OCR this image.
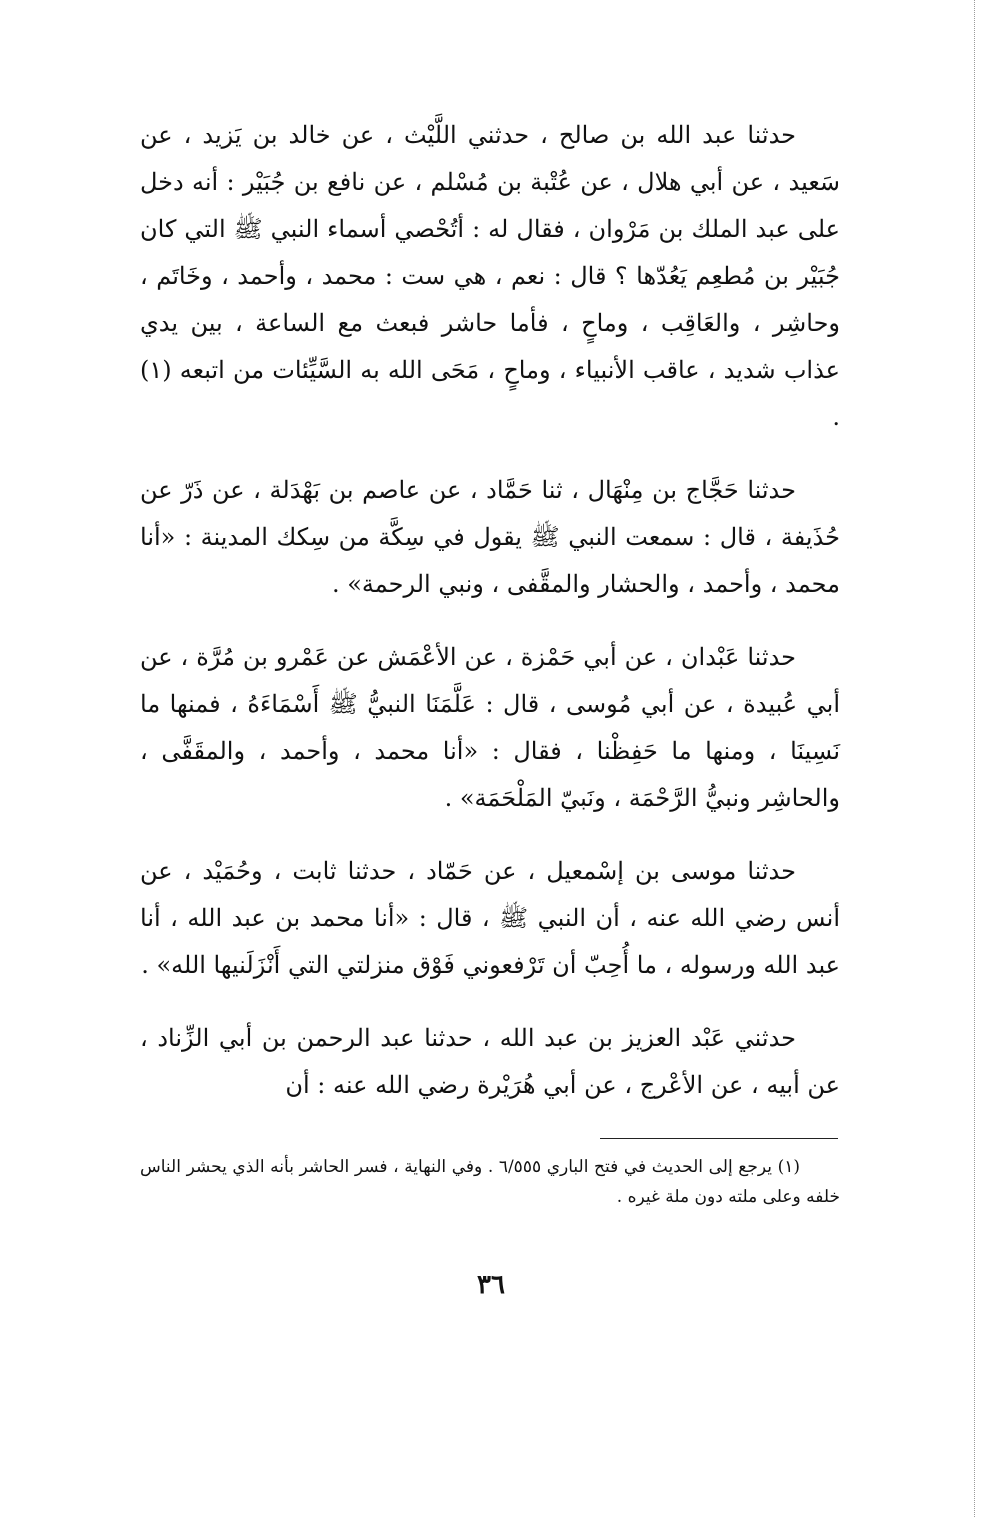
حدثنا عبد الله بن صالح ، حدثني اللَّيْث ، عن خالد بن يَزيد ، عن سَعيد ، عن أبي هلال ، عن عُتْبة بن مُسْلم ، عن نافع بن جُبَيْر : أنه دخل على عبد الملك بن مَرْوان ، فقال له : أتُحْصي أسماء النبي ﷺ التي كان جُبَيْر بن مُطعِم يَعُدّها ؟ قال : نعم ، هي ست : محمد ، وأحمد ، وخَاتَم ، وحاشِر ، والعَاقِب ، وماحٍ ، فأما حاشر فبعث مع الساعة ، بين يدي عذاب شديد ، عاقب الأنبياء ، وماحٍ ، مَحَى الله به السَّيِّئات من اتبعه (١) .

حدثنا حَجَّاج بن مِنْهَال ، ثنا حَمَّاد ، عن عاصم بن بَهْدَلة ، عن ذَرّ عن حُذَيفة ، قال : سمعت النبي ﷺ يقول في سِكَّة من سِكك المدينة : «أنا محمد ، وأحمد ، والحشار والمقَّفى ، ونبي الرحمة» .

حدثنا عَبْدان ، عن أبي حَمْزة ، عن الأعْمَش عن عَمْرو بن مُرَّة ، عن أبي عُبيدة ، عن أبي مُوسى ، قال : عَلَّمَنَا النبيُّ ﷺ أَسْمَاءَهُ ، فمنها ما نَسِينَا ، ومنها ما حَفِظْنا ، فقال : «أنا محمد ، وأحمد ، والمقَفَّى ، والحاشِر ونبيُّ الرَّحْمَة ، ونَبيّ المَلْحَمَة» .

حدثنا موسى بن إسْمعيل ، عن حَمّاد ، حدثنا ثابت ، وحُمَيْد ، عن أنس رضي الله عنه ، أن النبي ﷺ ، قال : «أنا محمد بن عبد الله ، أنا عبد الله ورسوله ، ما أُحِبّ أن تَرْفعوني فَوْق منزلتي التي أَنْزَلَنيها الله» .

حدثني عَبْد العزيز بن عبد الله ، حدثنا عبد الرحمن بن أبي الزِّناد ، عن أبيه ، عن الأعْرج ، عن أبي هُرَيْرة رضي الله عنه : أن

(١) يرجع إلى الحديث في فتح الباري ٦/٥٥٥ . وفي النهاية ، فسر الحاشر بأنه الذي يحشر الناس خلفه وعلى ملته دون ملة غيره .

٣٦
